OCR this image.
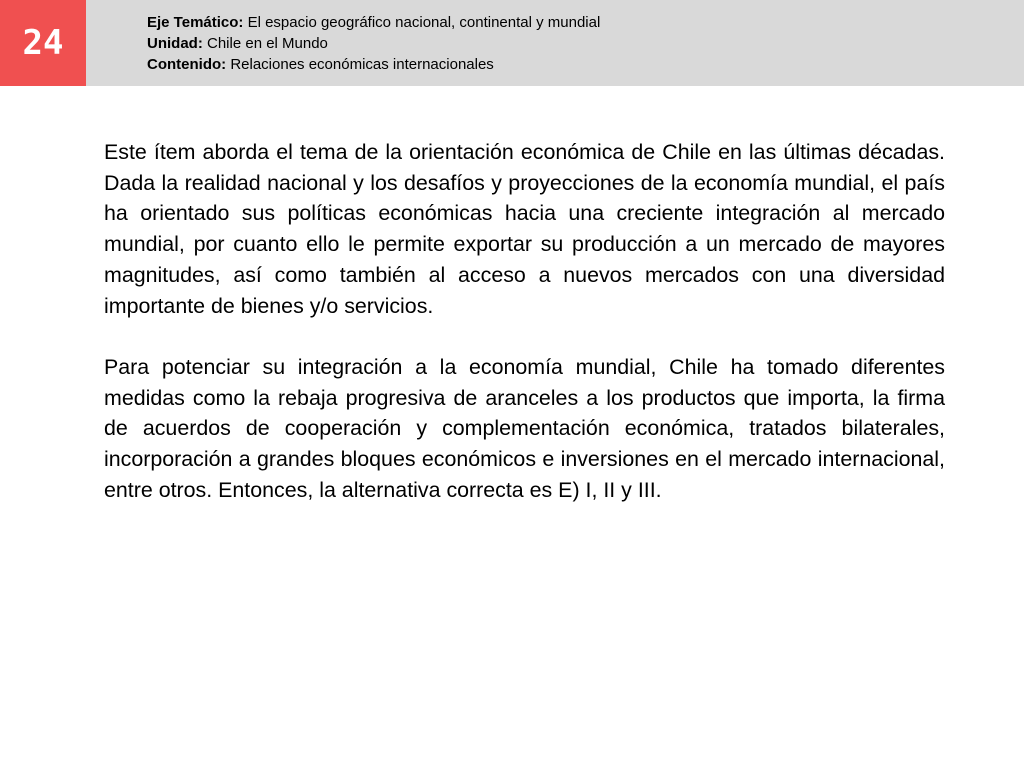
24
Eje Temático: El espacio geográfico nacional, continental y mundial
Unidad: Chile en el Mundo
Contenido: Relaciones económicas internacionales

Este ítem aborda el tema de la orientación económica de Chile en las últimas décadas. Dada la realidad nacional y los desafíos y proyecciones de la economía mundial, el país ha orientado sus políticas económicas hacia una creciente integración al mercado mundial, por cuanto ello le permite exportar su producción a un mercado de mayores magnitudes, así como también al acceso a nuevos mercados con una diversidad importante de bienes y/o servicios.

Para potenciar su integración a la economía mundial, Chile ha tomado diferentes medidas como la rebaja progresiva de aranceles a los productos que importa, la firma de acuerdos de cooperación y complementación económica, tratados bilaterales, incorporación a grandes bloques económicos e inversiones en el mercado internacional, entre otros. Entonces, la alternativa correcta es E) I, II y III.
